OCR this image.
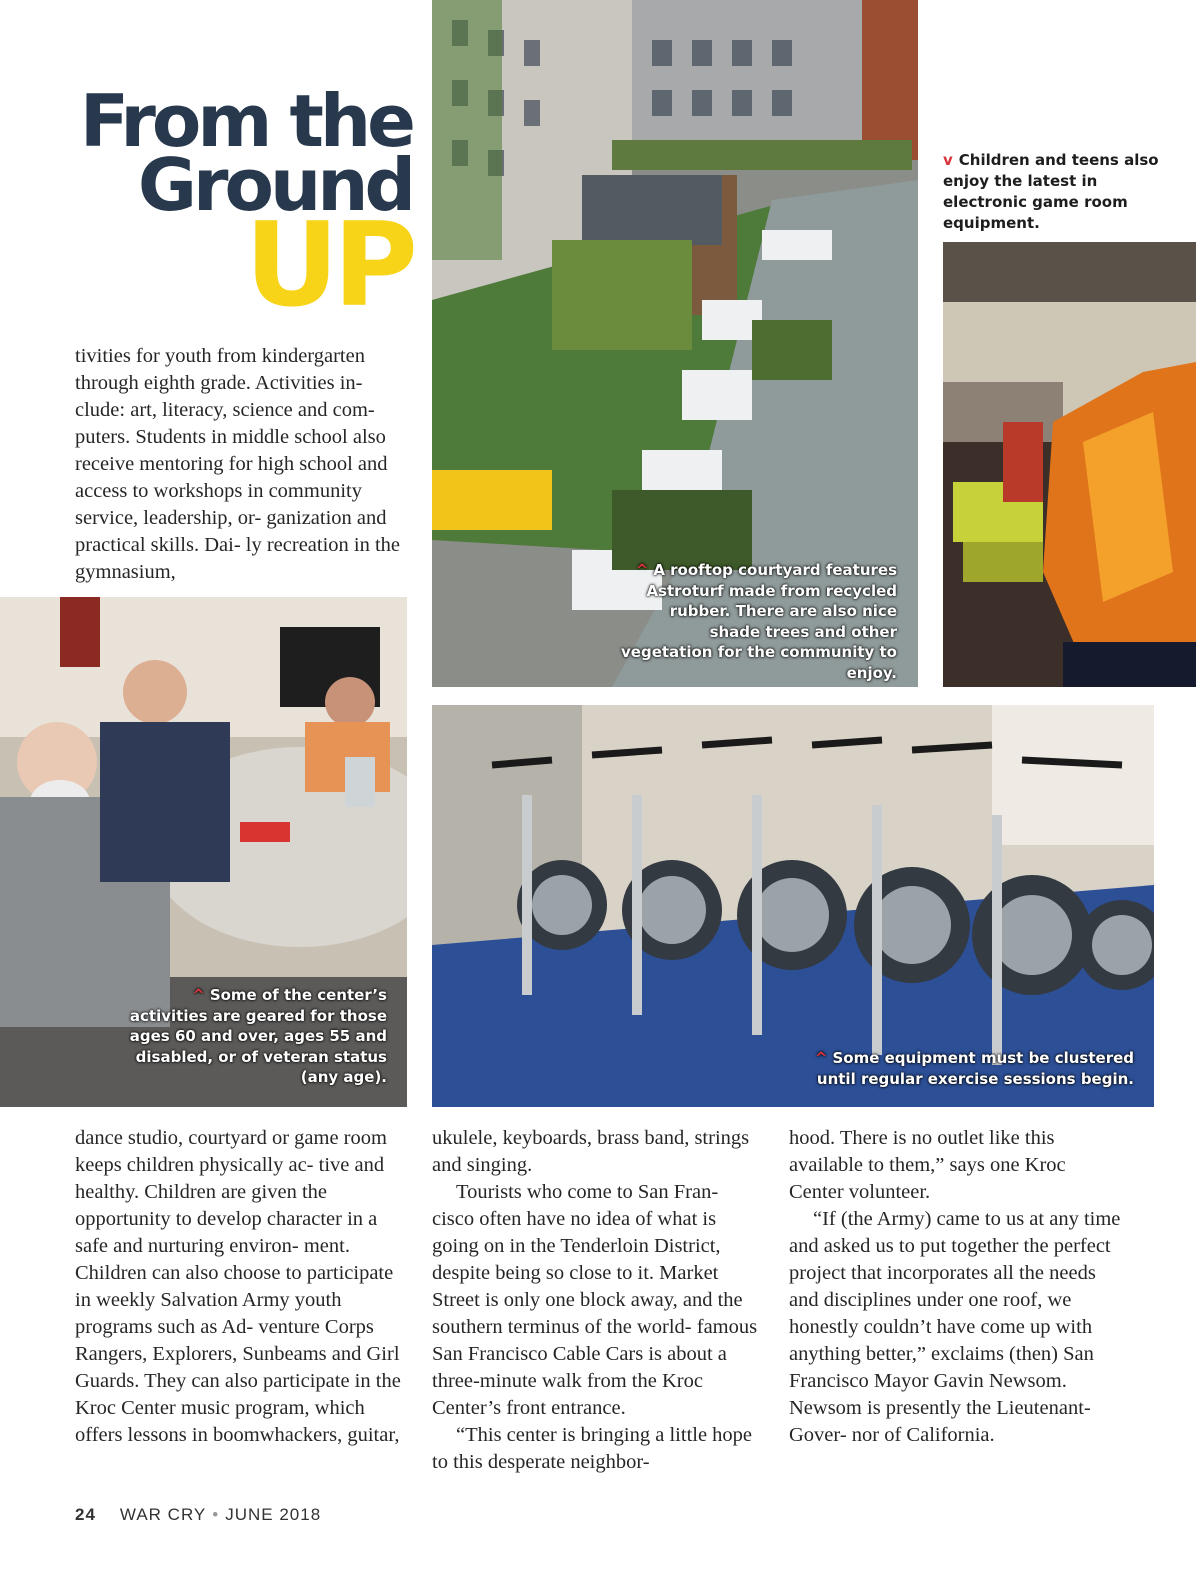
From the
Ground
UP

tivities for youth from kindergarten through eighth grade. Activities in- clude: art, literacy, science and com- puters. Students in middle school also receive mentoring for high school and access to workshops in community service, leadership, or- ganization and practical skills. Dai- ly recreation in the gymnasium,	^ A rooftop courtyard features Astroturf made from recycled rubber. There are also nice shade trees and other vegetation for the community to enjoy.
v Children and teens also enjoy the latest in electronic game room equipment.
^ Some of the center’s activities are geared for those ages 60 and over, ages 55 and disabled, or of veteran status (any age).
^ Some equipment must be clustered until regular exercise sessions begin.

dance studio, courtyard or game room keeps children physically ac- tive and healthy. Children are given the opportunity to develop character in a safe and nurturing environ- ment. Children can also choose to participate in weekly Salvation Army youth programs such as Ad- venture Corps Rangers, Explorers, Sunbeams and Girl Guards. They can also participate in the Kroc Center music program, which offers lessons in boomwhackers, guitar,

ukulele, keyboards, brass band, strings and singing.

Tourists who come to San Fran- cisco often have no idea of what is going on in the Tenderloin District, despite being so close to it. Market Street is only one block away, and the southern terminus of the world- famous San Francisco Cable Cars is about a three-minute walk from the Kroc Center’s front entrance.

“This center is bringing a little hope to this desperate neighbor-

hood. There is no outlet like this available to them,” says one Kroc Center volunteer.

“If (the Army) came to us at any time and asked us to put together the perfect project that incorporates all the needs and disciplines under one roof, we honestly couldn’t have come up with anything better,” exclaims (then) San Francisco Mayor Gavin Newsom. Newsom is presently the Lieutenant-Gover- nor of California.

24 WAR CRY • JUNE 2018
